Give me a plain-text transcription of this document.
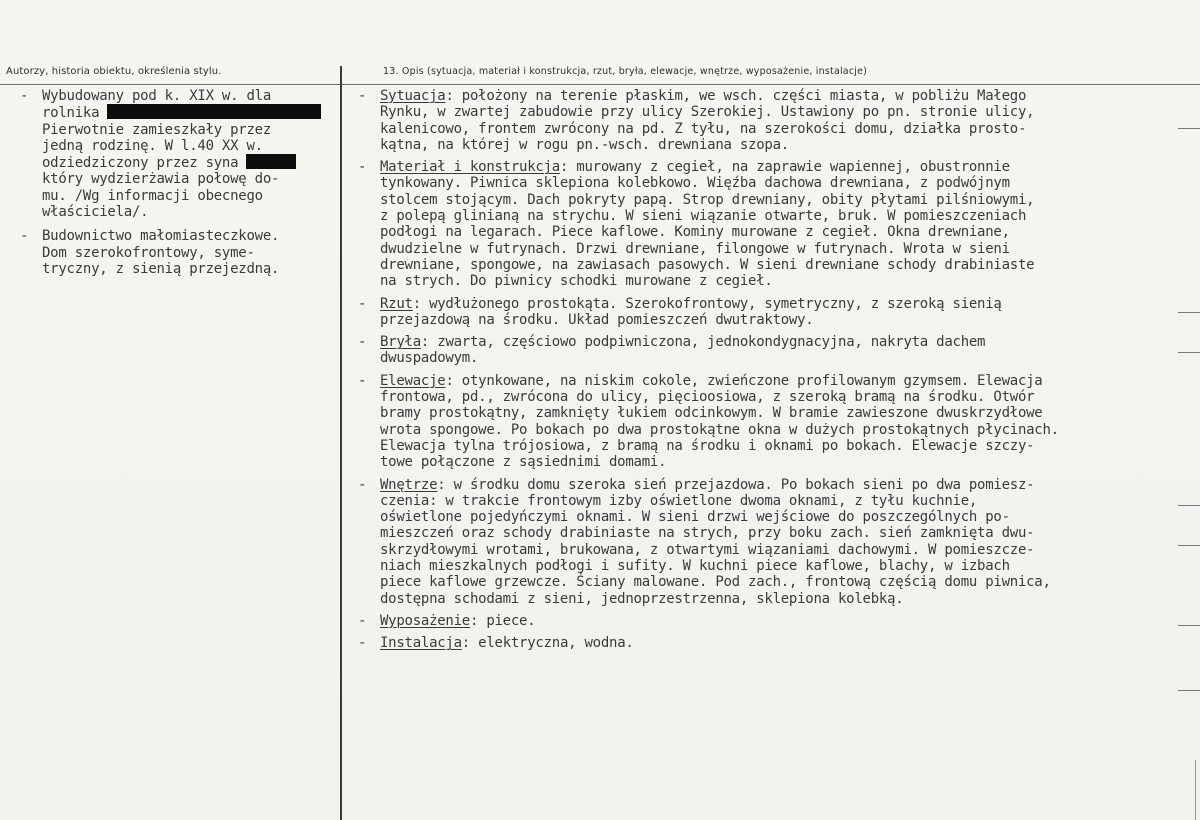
Autorzy, historia obiektu, określenia stylu.	13. Opis (sytuacja, materiał i konstrukcja, rzut, bryła, elewacje, wnętrze, wyposażenie, instalacje)
- Wybudowany pod k. XIX w. dla
rolnika
Pierwotnie zamieszkały przez
jedną rodzinę. W l.40 XX w.
odziedziczony przez syna
który wydzierżawia połowę do-
mu. /Wg informacji obecnego
właściciela/.
- Budownictwo małomiasteczkowe.
Dom szerokofrontowy, syme-
tryczny, z sienią przejezdną.
- Sytuacja: położony na terenie płaskim, we wsch. części miasta, w pobliżu Małego
Rynku, w zwartej zabudowie przy ulicy Szerokiej. Ustawiony po pn. stronie ulicy,
kalenicowo, frontem zwrócony na pd. Z tyłu, na szerokości domu, działka prosto-
kątna, na której w rogu pn.-wsch. drewniana szopa.
- Materiał i konstrukcja: murowany z cegieł, na zaprawie wapiennej, obustronnie
tynkowany. Piwnica sklepiona kolebkowo. Więźba dachowa drewniana, z podwójnym
stolcem stojącym. Dach pokryty papą. Strop drewniany, obity płytami pilśniowymi,
z polepą glinianą na strychu. W sieni wiązanie otwarte, bruk. W pomieszczeniach
podłogi na legarach. Piece kaflowe. Kominy murowane z cegieł. Okna drewniane,
dwudzielne w futrynach. Drzwi drewniane, filongowe w futrynach. Wrota w sieni
drewniane, spongowe, na zawiasach pasowych. W sieni drewniane schody drabiniaste
na strych. Do piwnicy schodki murowane z cegieł.
- Rzut: wydłużonego prostokąta. Szerokofrontowy, symetryczny, z szeroką sienią
przejazdową na środku. Układ pomieszczeń dwutraktowy.
- Bryła: zwarta, częściowo podpiwniczona, jednokondygnacyjna, nakryta dachem
dwuspadowym.
- Elewacje: otynkowane, na niskim cokole, zwieńczone profilowanym gzymsem. Elewacja
frontowa, pd., zwrócona do ulicy, pięcioosiowa, z szeroką bramą na środku. Otwór
bramy prostokątny, zamknięty łukiem odcinkowym. W bramie zawieszone dwuskrzydłowe
wrota spongowe. Po bokach po dwa prostokątne okna w dużych prostokątnych płycinach.
Elewacja tylna trójosiowa, z bramą na środku i oknami po bokach. Elewacje szczy-
towe połączone z sąsiednimi domami.
- Wnętrze: w środku domu szeroka sień przejazdowa. Po bokach sieni po dwa pomiesz-
czenia: w trakcie frontowym izby oświetlone dwoma oknami, z tyłu kuchnie,
oświetlone pojedyńczymi oknami. W sieni drzwi wejściowe do poszczególnych po-
mieszczeń oraz schody drabiniaste na strych, przy boku zach. sień zamknięta dwu-
skrzydłowymi wrotami, brukowana, z otwartymi wiązaniami dachowymi. W pomieszcze-
niach mieszkalnych podłogi i sufity. W kuchni piece kaflowe, blachy, w izbach
piece kaflowe grzewcze. Ściany malowane. Pod zach., frontową częścią domu piwnica,
dostępna schodami z sieni, jednoprzestrzenna, sklepiona kolebką.
- Wyposażenie: piece.
- Instalacja: elektryczna, wodna.
